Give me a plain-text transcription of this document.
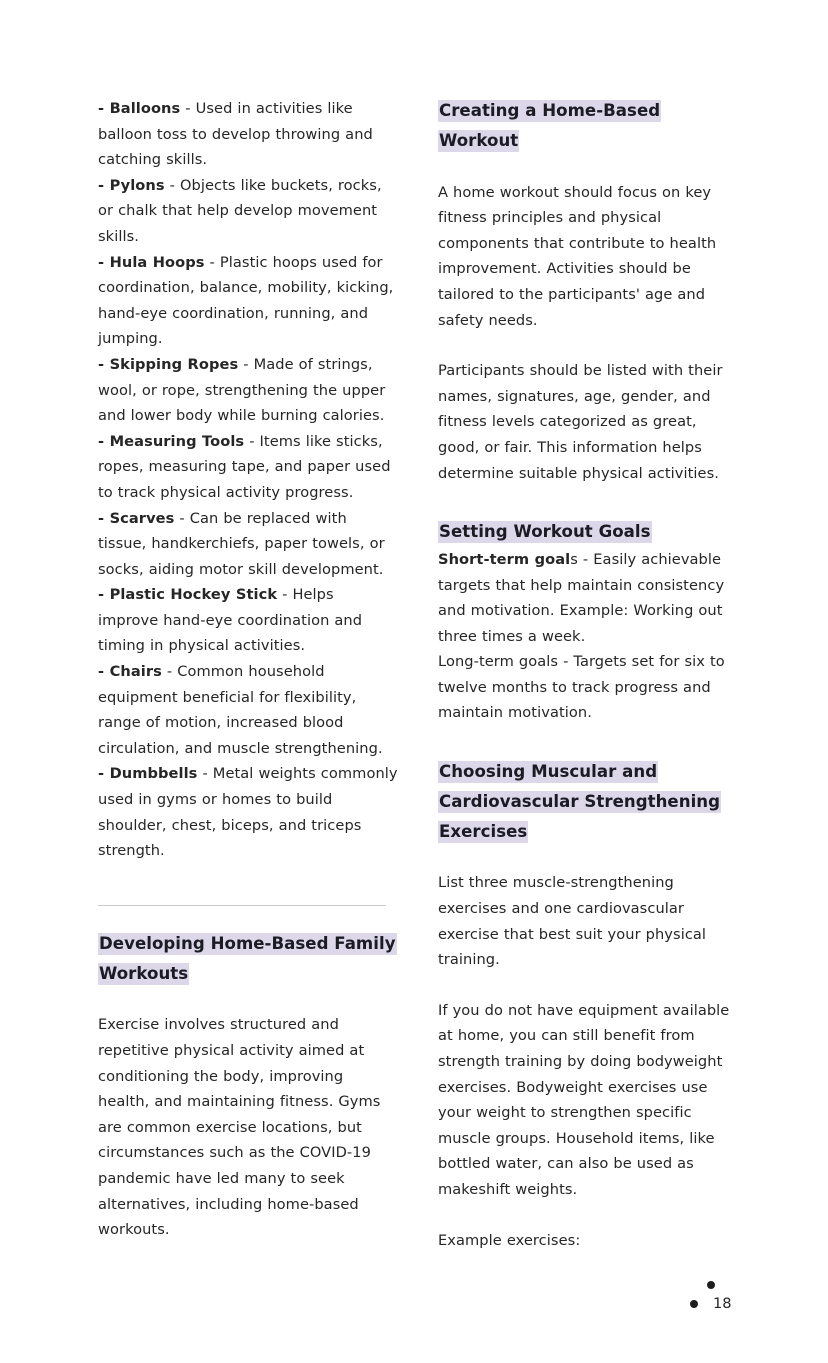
- Balloons - Used in activities like balloon toss to develop throwing and catching skills.

- Pylons - Objects like buckets, rocks, or chalk that help develop movement skills.

- Hula Hoops - Plastic hoops used for coordination, balance, mobility, kicking, hand-eye coordination, running, and jumping.

- Skipping Ropes - Made of strings, wool, or rope, strengthening the upper and lower body while burning calories.

- Measuring Tools - Items like sticks, ropes, measuring tape, and paper used to track physical activity progress.

- Scarves - Can be replaced with tissue, handkerchiefs, paper towels, or socks, aiding motor skill development.

- Plastic Hockey Stick - Helps improve hand-eye coordination and timing in physical activities.

- Chairs - Common household equipment beneficial for flexibility, range of motion, increased blood circulation, and muscle strengthening.

- Dumbbells - Metal weights commonly used in gyms or homes to build shoulder, chest, biceps, and triceps strength.

Developing Home-Based Family Workouts

Exercise involves structured and repetitive physical activity aimed at conditioning the body, improving health, and maintaining fitness. Gyms are common exercise locations, but circumstances such as the COVID-19 pandemic have led many to seek alternatives, including home-based workouts.

Creating a Home-Based Workout

A home workout should focus on key fitness principles and physical components that contribute to health improvement. Activities should be tailored to the participants' age and safety needs.

Participants should be listed with their names, signatures, age, gender, and fitness levels categorized as great, good, or fair. This information helps determine suitable physical activities.

Setting Workout Goals

Short-term goals - Easily achievable targets that help maintain consistency and motivation. Example: Working out three times a week.

Long-term goals - Targets set for six to twelve months to track progress and maintain motivation.

Choosing Muscular and Cardiovascular Strengthening Exercises

List three muscle-strengthening exercises and one cardiovascular exercise that best suit your physical training.

If you do not have equipment available at home, you can still benefit from strength training by doing bodyweight exercises. Bodyweight exercises use your weight to strengthen specific muscle groups. Household items, like bottled water, can also be used as makeshift weights.

Example exercises:

18
